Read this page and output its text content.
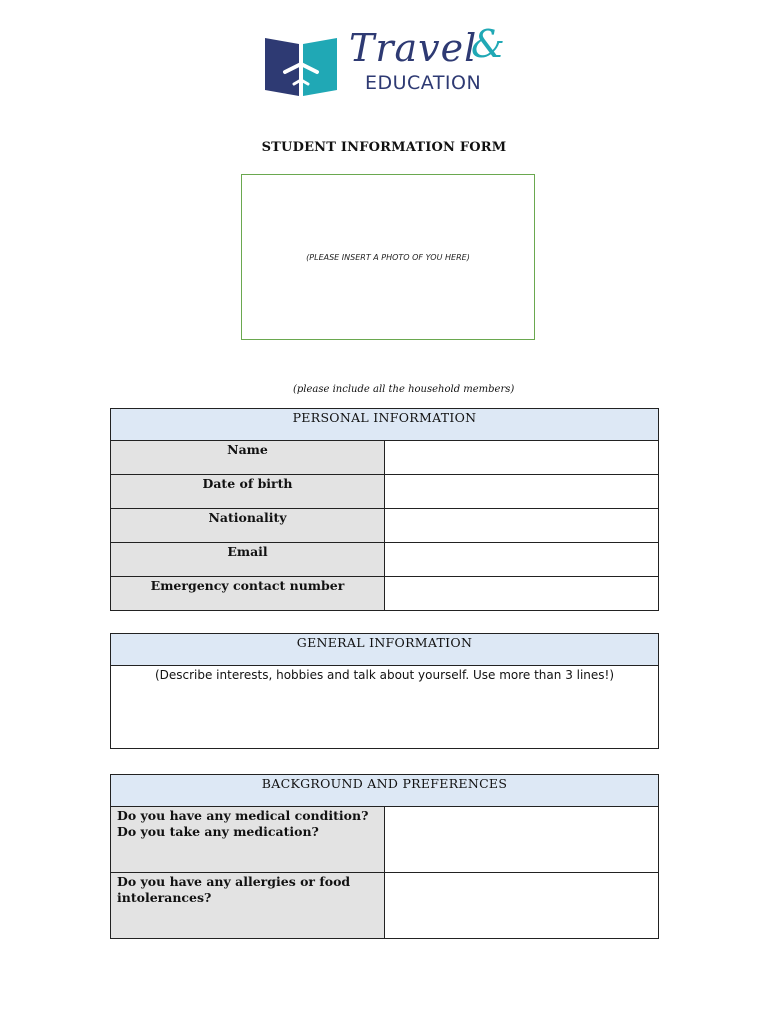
Travel
&
EDUCATION
STUDENT INFORMATION FORM
(PLEASE INSERT A PHOTO OF YOU HERE)
(please include all the household members)
PERSONAL INFORMATION	
Name	
Date of birth	
Nationality	
Email	
Emergency contact number	
GENERAL INFORMATION
(Describe interests, hobbies and talk about yourself. Use more than 3 lines!)
BACKGROUND AND PREFERENCES	
Do you have any medical condition? Do you take any medication?	
Do you have any allergies or food intolerances?	
